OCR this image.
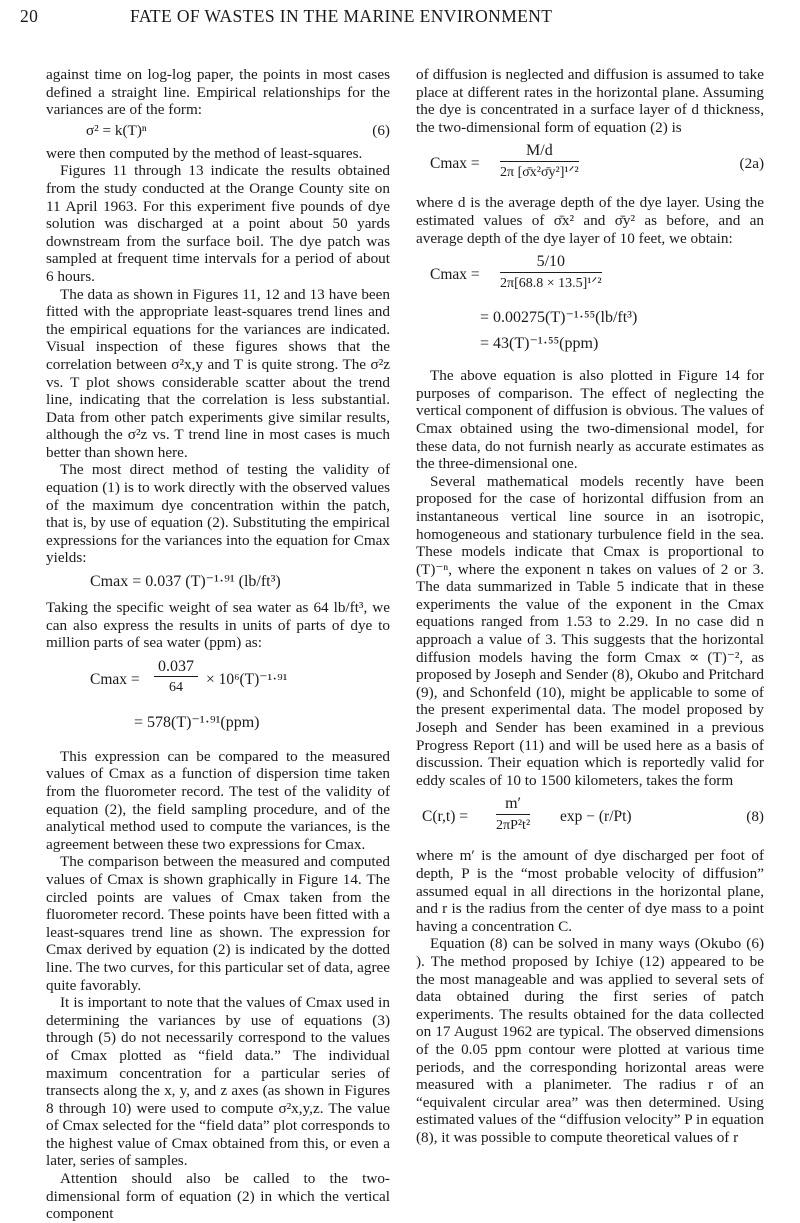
20	FATE OF WASTES IN THE MARINE ENVIRONMENT

against time on log-log paper, the points in most cases defined a straight line. Empirical relationships for the variances are of the form:

σ² = k(T)ⁿ	(6)

were then computed by the method of least-squares.

Figures 11 through 13 indicate the results obtained from the study conducted at the Orange County site on 11 April 1963. For this experiment five pounds of dye solution was discharged at a point about 50 yards downstream from the surface boil. The dye patch was sampled at frequent time intervals for a period of about 6 hours.

The data as shown in Figures 11, 12 and 13 have been fitted with the appropriate least-squares trend lines and the empirical equations for the variances are indicated. Visual inspection of these figures shows that the correlation between σ²x,y and T is quite strong. The σ²z vs. T plot shows considerable scatter about the trend line, indicating that the correlation is less substantial. Data from other patch experiments give similar results, although the σ²z vs. T trend line in most cases is much better than shown here.

The most direct method of testing the validity of equation (1) is to work directly with the observed values of the maximum dye concentration within the patch, that is, by use of equation (2). Substituting the empirical expressions for the variances into the equation for Cmax yields:

Cmax = 0.037 (T)⁻¹·⁹¹ (lb/ft³)

Taking the specific weight of sea water as 64 lb/ft³, we can also express the results in units of parts of dye to million parts of sea water (ppm) as:

$Cmax = \frac{0.037}{64} \times 10^6(T)^{-1}\cdot^{91}$
= 578(T)⁻¹·⁹¹(ppm)

This expression can be compared to the measured values of Cmax as a function of dispersion time taken from the fluorometer record. The test of the validity of equation (2), the field sampling procedure, and of the analytical method used to compute the variances, is the agreement between these two expressions for Cmax.

The comparison between the measured and computed values of Cmax is shown graphically in Figure 14. The circled points are values of Cmax taken from the fluorometer record. These points have been fitted with a least-squares trend line as shown. The expression for Cmax derived by equation (2) is indicated by the dotted line. The two curves, for this particular set of data, agree quite favorably.

It is important to note that the values of Cmax used in determining the variances by use of equations (3) through (5) do not necessarily correspond to the values of Cmax plotted as “field data.” The individual maximum concentration for a particular series of transects along the x, y, and z axes (as shown in Figures 8 through 10) were used to compute σ²x,y,z. The value of Cmax selected for the “field data” plot corresponds to the highest value of Cmax obtained from this, or even a later, series of samples.

Attention should also be called to the two-dimensional form of equation (2) in which the vertical component

of diffusion is neglected and diffusion is assumed to take place at different rates in the horizontal plane. Assuming the dye is concentrated in a surface layer of d thickness, the two-dimensional form of equation (2) is

Cmax =
M/d
2π [σ̄x²σ̄y²]¹ᐟ²
(2a)

where d is the average depth of the dye layer. Using the estimated values of σ̄x² and σ̄y² as before, and an average depth of the dye layer of 10 feet, we obtain:

Cmax =
5/10
2π[68.8 × 13.5]¹ᐟ²
= 0.00275(T)⁻¹·⁵⁵(lb/ft³)
= 43(T)⁻¹·⁵⁵(ppm)

The above equation is also plotted in Figure 14 for purposes of comparison. The effect of neglecting the vertical component of diffusion is obvious. The values of Cmax obtained using the two-dimensional model, for these data, do not furnish nearly as accurate estimates as the three-dimensional one.

Several mathematical models recently have been proposed for the case of horizontal diffusion from an instantaneous vertical line source in an isotropic, homogeneous and stationary turbulence field in the sea. These models indicate that Cmax is proportional to (T)⁻ⁿ, where the exponent n takes on values of 2 or 3. The data summarized in Table 5 indicate that in these experiments the value of the exponent in the Cmax equations ranged from 1.53 to 2.29. In no case did n approach a value of 3. This suggests that the horizontal diffusion models having the form Cmax ∝ (T)⁻², as proposed by Joseph and Sender (8), Okubo and Pritchard (9), and Schonfeld (10), might be applicable to some of the present experimental data. The model proposed by Joseph and Sender has been examined in a previous Progress Report (11) and will be used here as a basis of discussion. Their equation which is reportedly valid for eddy scales of 10 to 1500 kilometers, takes the form

$C(r,t) = \frac{m'}{\text{2πP²t²}}$ exp − (r/Pt)	(8)

where m′ is the amount of dye discharged per foot of depth, P is the “most probable velocity of diffusion” assumed equal in all directions in the horizontal plane, and r is the radius from the center of dye mass to a point having a concentration C.

Equation (8) can be solved in many ways (Okubo (6) ). The method proposed by Ichiye (12) appeared to be the most manageable and was applied to several sets of data obtained during the first series of patch experiments. The results obtained for the data collected on 17 August 1962 are typical. The observed dimensions of the 0.05 ppm contour were plotted at various time periods, and the corresponding horizontal areas were measured with a planimeter. The radius r of an “equivalent circular area” was then determined. Using estimated values of the “diffusion velocity” P in equation (8), it was possible to compute theoretical values of r
